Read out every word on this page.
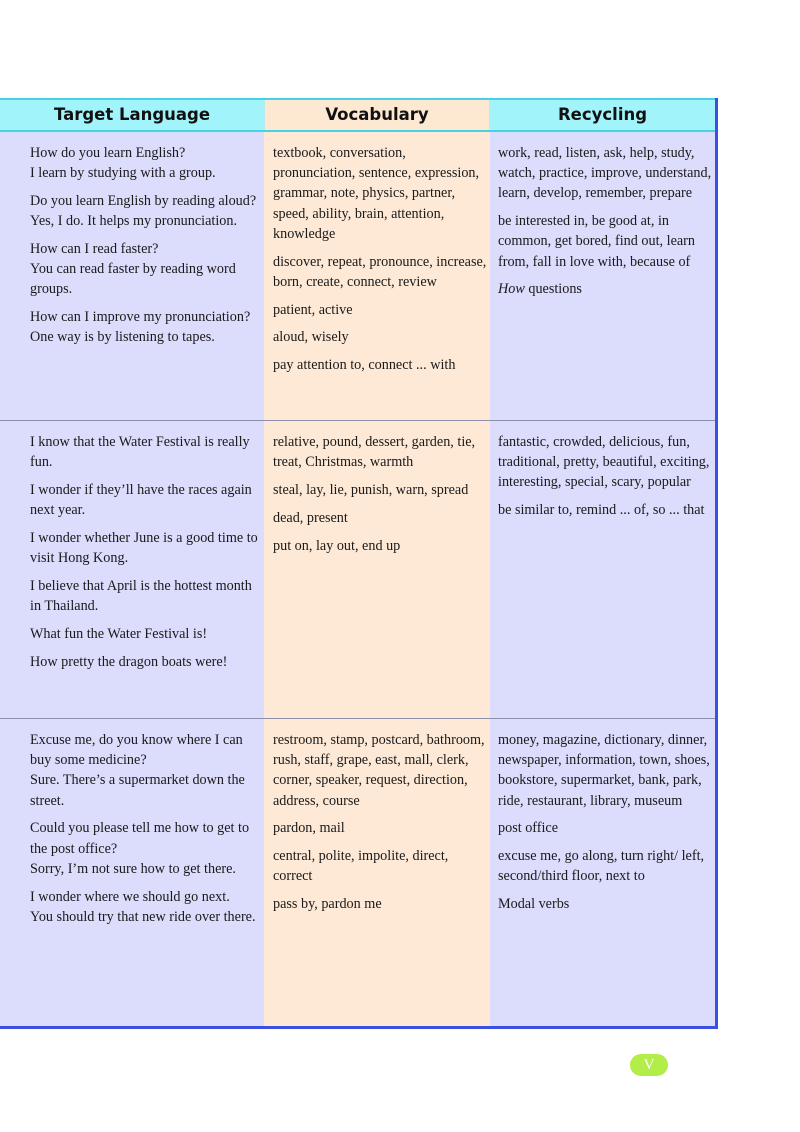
Target Language	Vocabulary	Recycling

How do you learn English?
I learn by studying with a group.

Do you learn English by reading aloud?
Yes, I do. It helps my pronunciation.

How can I read faster?
You can read faster by reading word groups.

How can I improve my pronunciation?
One way is by listening to tapes.

textbook, conversation, pronunciation, sentence, expression, grammar, note, physics, partner, speed, ability, brain, attention, knowledge

discover, repeat, pronounce, increase, born, create, connect, review

patient, active

aloud, wisely

pay attention to, connect ... with

work, read, listen, ask, help, study, watch, practice, improve, understand, learn, develop, remember, prepare

be interested in, be good at, in common, get bored, find out, learn from, fall in love with, because of

How questions

I know that the Water Festival is really fun.

I wonder if they’ll have the races again next year.

I wonder whether June is a good time to visit Hong Kong.

I believe that April is the hottest month in Thailand.

What fun the Water Festival is!

How pretty the dragon boats were!

relative, pound, dessert, garden, tie, treat, Christmas, warmth

steal, lay, lie, punish, warn, spread

dead, present

put on, lay out, end up

fantastic, crowded, delicious, fun, traditional, pretty, beautiful, exciting, interesting, special, scary, popular

be similar to, remind ... of, so ... that

Excuse me, do you know where I can buy some medicine?
Sure. There’s a supermarket down the street.

Could you please tell me how to get to the post office?
Sorry, I’m not sure how to get there.

I wonder where we should go next.
You should try that new ride over there.

restroom, stamp, postcard, bathroom, rush, staff, grape, east, mall, clerk, corner, speaker, request, direction, address, course

pardon, mail

central, polite, impolite, direct, correct

pass by, pardon me

money, magazine, dictionary, dinner, newspaper, information, town, shoes, bookstore, supermarket, bank, park, ride, restaurant, library, museum

post office

excuse me, go along, turn right/ left, second/third floor, next to

Modal verbs

V
